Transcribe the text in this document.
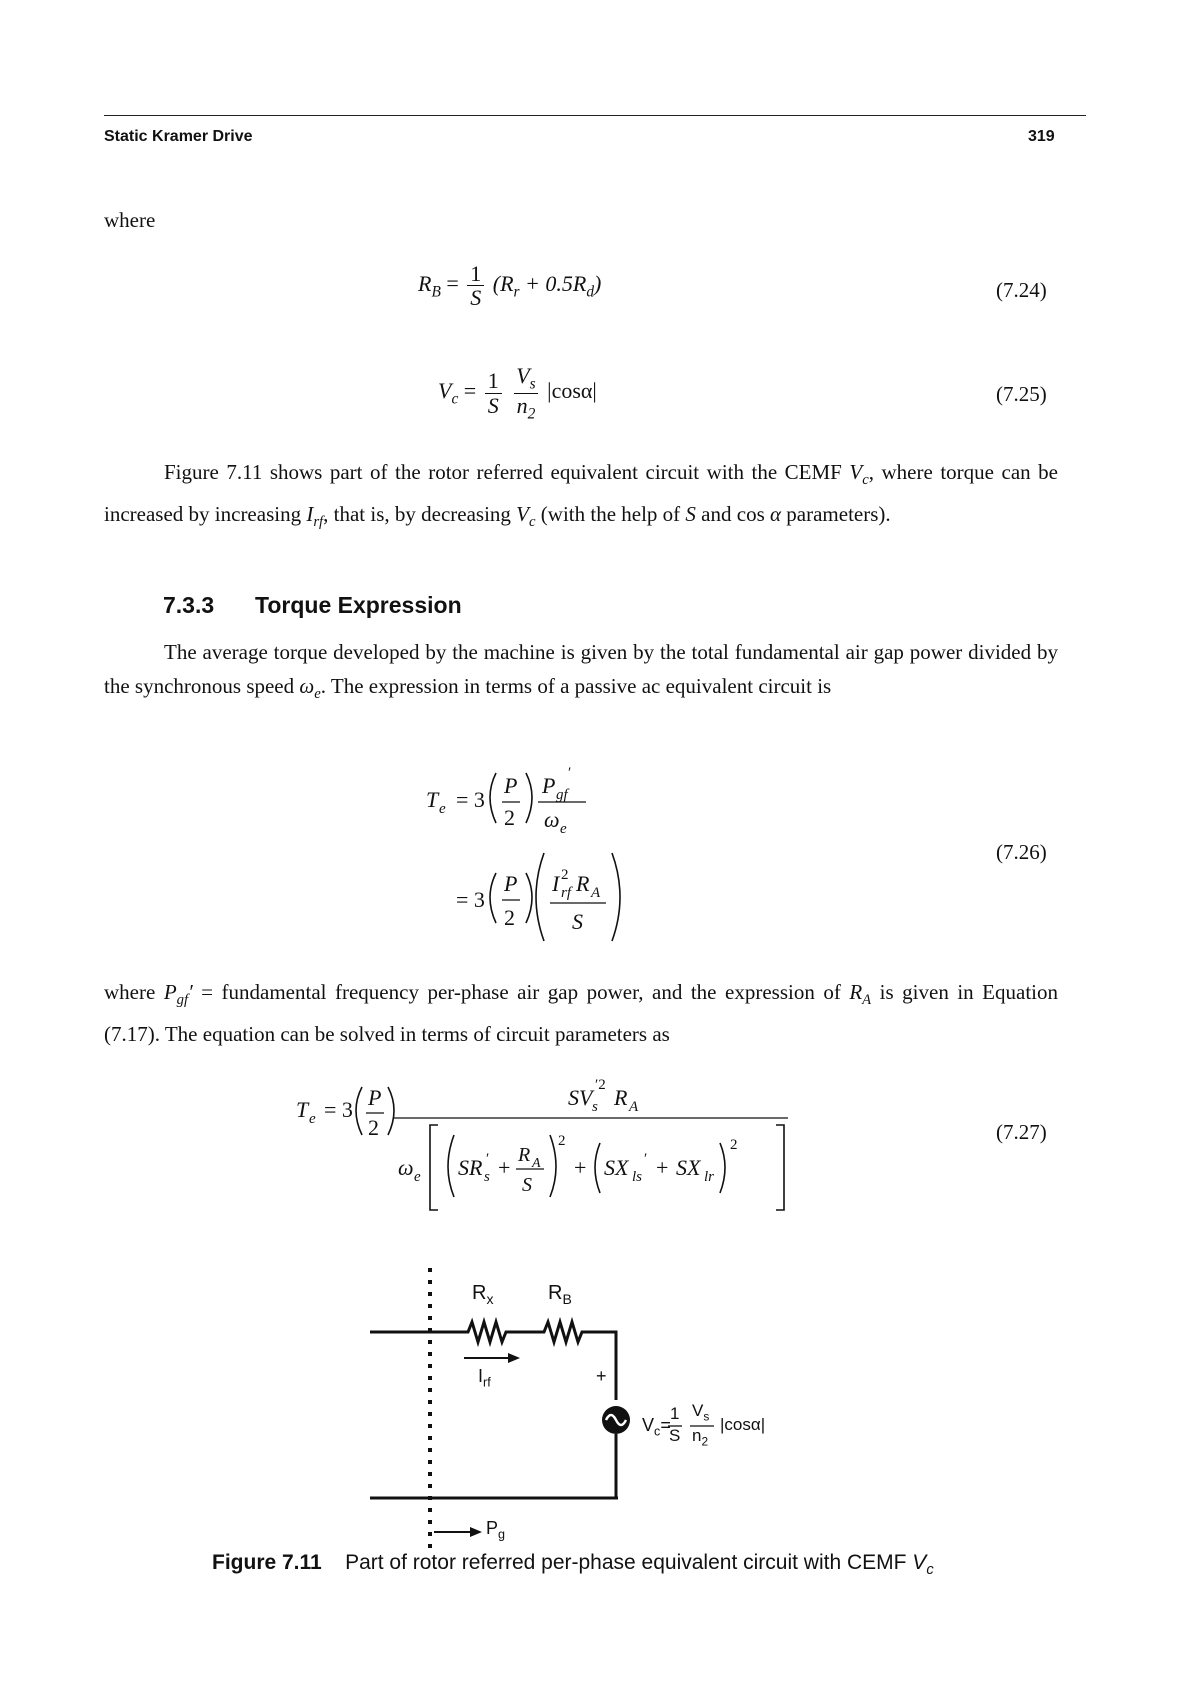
Static Kramer Drive	319
where
$R_B = \frac{1}{S} (R_r + 0.5R_d)$	(7.24)
$V_c = \frac{1}{S}$
$\frac{V_s}{n_2} |\cos\alpha|$	(7.25)
Figure 7.11 shows part of the rotor referred equivalent circuit with the CEMF $V_c$, where torque can be increased by increasing $I_{rf}$, that is, by decreasing $V_c$ (with the help of S and cos α parameters).
7.3.3 Torque Expression
The average torque developed by the machine is given by the total fundamental air gap power divided by the synchronous speed $\omega_e$. The expression in terms of a passive ac equivalent circuit is
T e = 3
P
2
P gf
′
ω e
= 3
P
2
I 2
rf R A
S
(7.26)
where $P_{gf}'$ = fundamental frequency per-phase air gap power, and the expression of $R_A$ is given in Equation (7.17). The equation can be solved in terms of circuit parameters as
T e = 3 P
2
SV s
′2 R A
ω e SR s
′ + R A
S
2
+ SX ls
′ + SX lr
2
(7.27)
$R_x$	$R_B$
$I_{rf}$	+
$P_g$
$V_c=$
1
S
$V_s$
$n_2$
|cosα|
Figure 7.11 Part of rotor referred per-phase equivalent circuit with CEMF $V_c$
